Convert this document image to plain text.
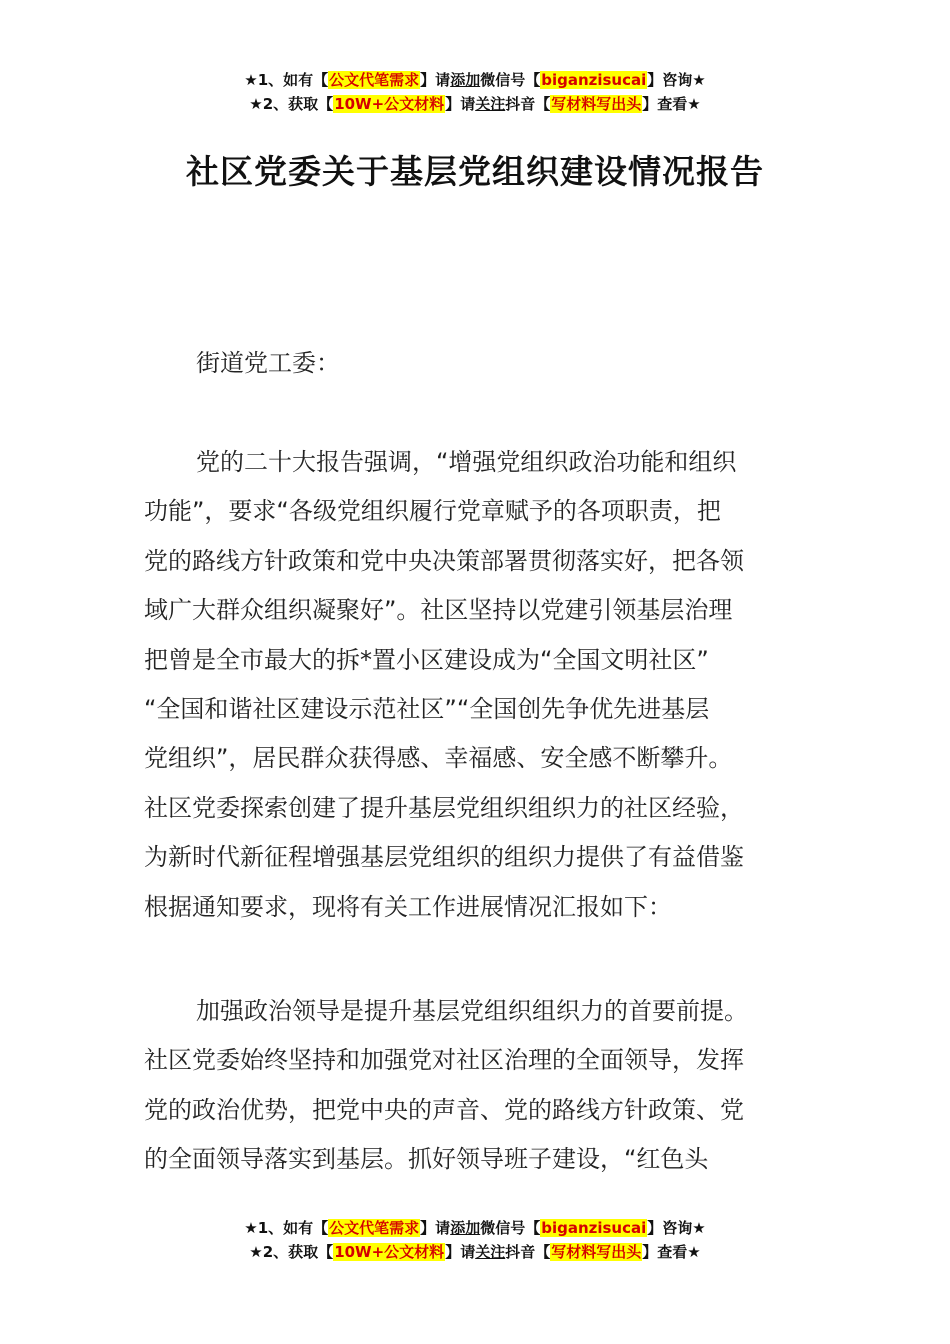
★1、如有【公文代笔需求】请添加微信号【biganzisucai】咨询★
★2、获取【10W+公文材料】请关注抖音【写材料写出头】查看★
社区党委关于基层党组织建设情况报告
街道党工委：
党的二十大报告强调，“增强党组织政治功能和组织
功能”，要求“各级党组织履行党章赋予的各项职责，把
党的路线方针政策和党中央决策部署贯彻落实好，把各领
域广大群众组织凝聚好”。社区坚持以党建引领基层治理
把曾是全市最大的拆*置小区建设成为“全国文明社区”
“全国和谐社区建设示范社区”“全国创先争优先进基层
党组织”，居民群众获得感、幸福感、安全感不断攀升。
社区党委探索创建了提升基层党组织组织力的社区经验，
为新时代新征程增强基层党组织的组织力提供了有益借鉴
根据通知要求，现将有关工作进展情况汇报如下：
加强政治领导是提升基层党组织组织力的首要前提。
社区党委始终坚持和加强党对社区治理的全面领导，发挥
党的政治优势，把党中央的声音、党的路线方针政策、党
的全面领导落实到基层。抓好领导班子建设，“红色头
★1、如有【公文代笔需求】请添加微信号【biganzisucai】咨询★
★2、获取【10W+公文材料】请关注抖音【写材料写出头】查看★
